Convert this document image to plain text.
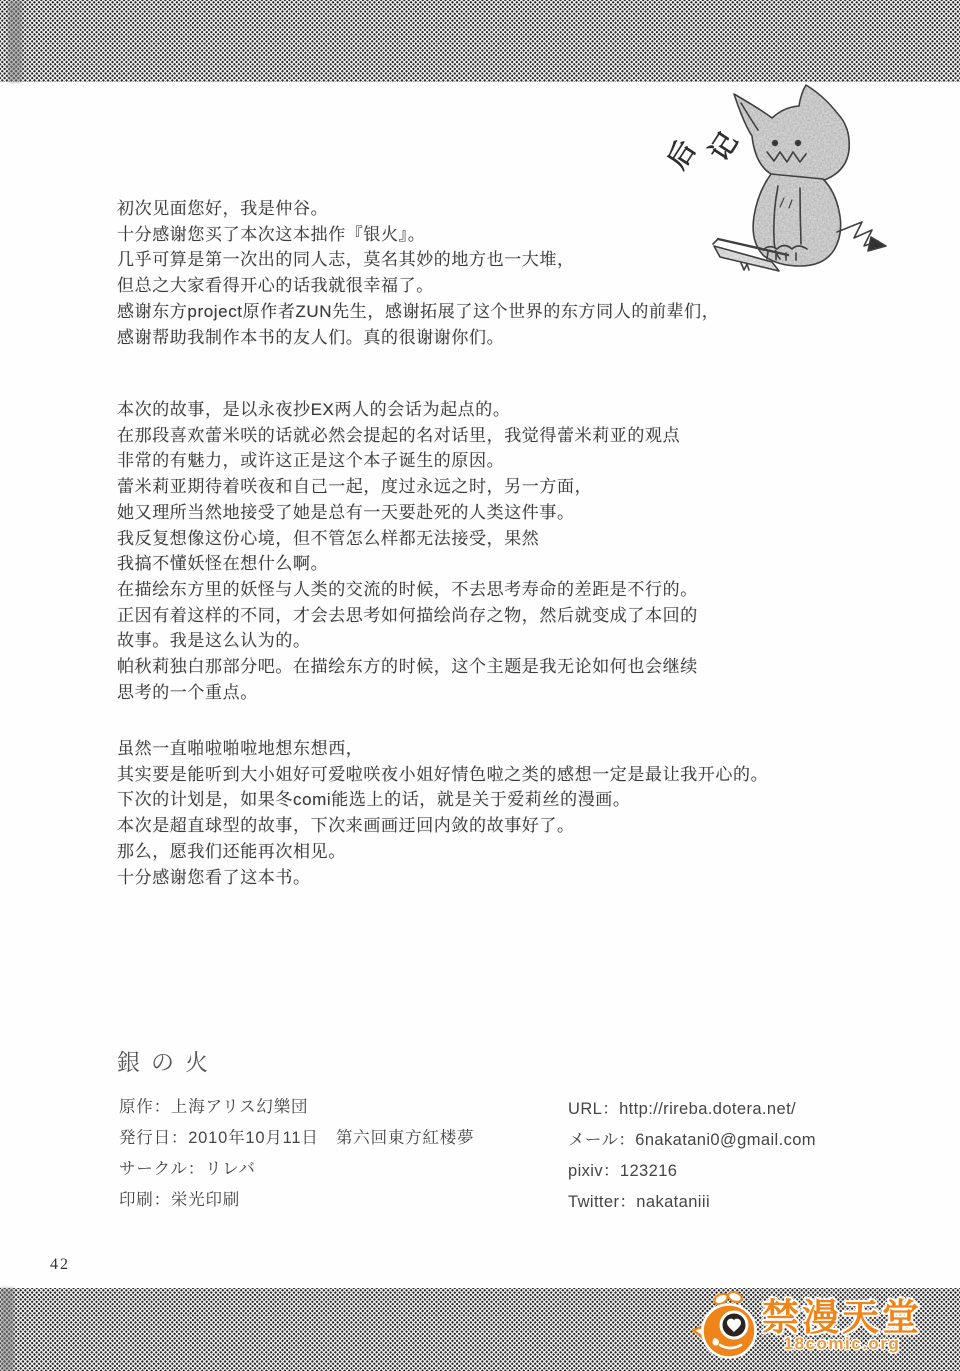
后 记
初次见面您好，我是仲谷。
十分感谢您买了本次这本拙作『银火』。
几乎可算是第一次出的同人志，莫名其妙的地方也一大堆，
但总之大家看得开心的话我就很幸福了。
感谢东方project原作者ZUN先生，感谢拓展了这个世界的东方同人的前辈们，
感谢帮助我制作本书的友人们。真的很谢谢你们。
本次的故事，是以永夜抄EX两人的会话为起点的。
在那段喜欢蕾米咲的话就必然会提起的名对话里，我觉得蕾米莉亚的观点
非常的有魅力，或许这正是这个本子诞生的原因。
蕾米莉亚期待着咲夜和自己一起，度过永远之时，另一方面，
她又理所当然地接受了她是总有一天要赴死的人类这件事。
我反复想像这份心境，但不管怎么样都无法接受，果然
我搞不懂妖怪在想什么啊。
在描绘东方里的妖怪与人类的交流的时候，不去思考寿命的差距是不行的。
正因有着这样的不同，才会去思考如何描绘尚存之物，然后就变成了本回的
故事。我是这么认为的。
帕秋莉独白那部分吧。在描绘东方的时候，这个主题是我无论如何也会继续
思考的一个重点。
虽然一直啪啦啪啦地想东想西，
其实要是能听到大小姐好可爱啦咲夜小姐好情色啦之类的感想一定是最让我开心的。
下次的计划是，如果冬comi能选上的话，就是关于爱莉丝的漫画。
本次是超直球型的故事，下次来画画迂回内敛的故事好了。
那么，愿我们还能再次相见。
十分感谢您看了这本书。
銀の火
原作：上海アリス幻樂団
発行日：2010年10月11日　第六回東方紅楼夢
サークル：リレバ
印刷：栄光印刷
URL：http://rireba.dotera.net/
メール：6nakatani0@gmail.com
pixiv：123216
Twitter：nakataniii
42
禁漫天堂
18comic.org
